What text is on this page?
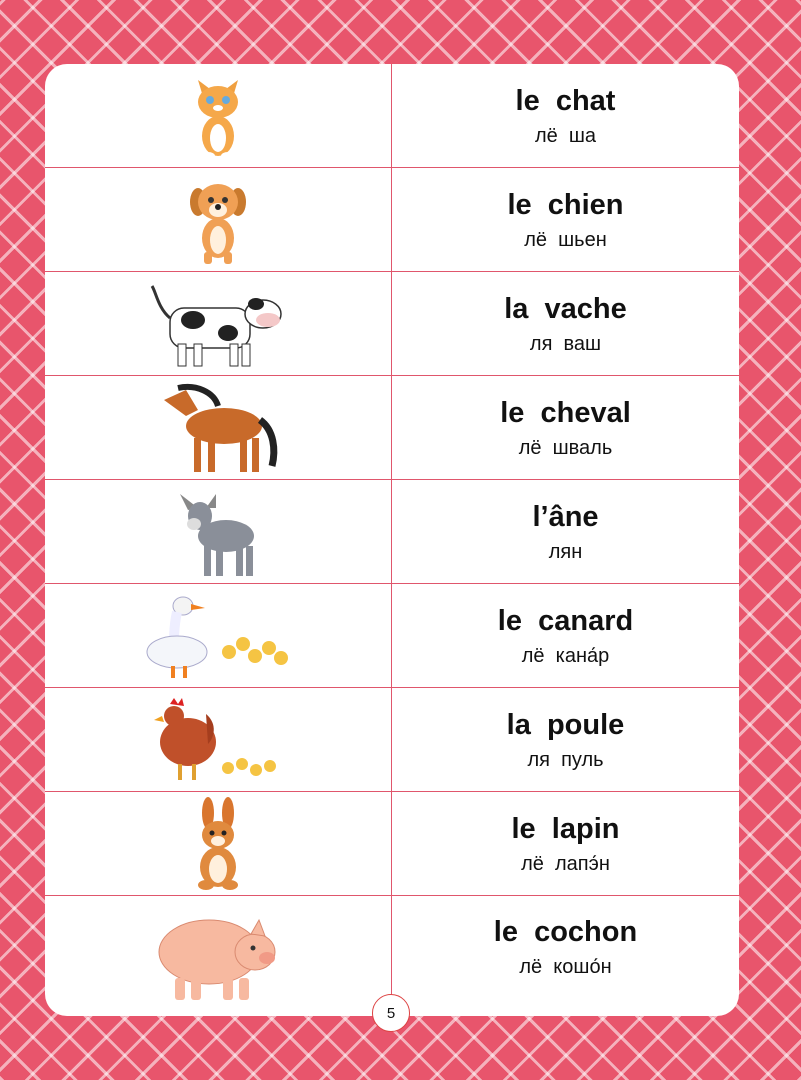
le  chat
лё  ша
le  chien
лё  шьен
la  vache
ля  ваш
le  cheval
лё  шваль
l’âne
лян
le  canard
лё  кана́р
la  poule
ля  пуль
le  lapin
лё  лапэ́н
le  cochon
лё  кошо́н
5
